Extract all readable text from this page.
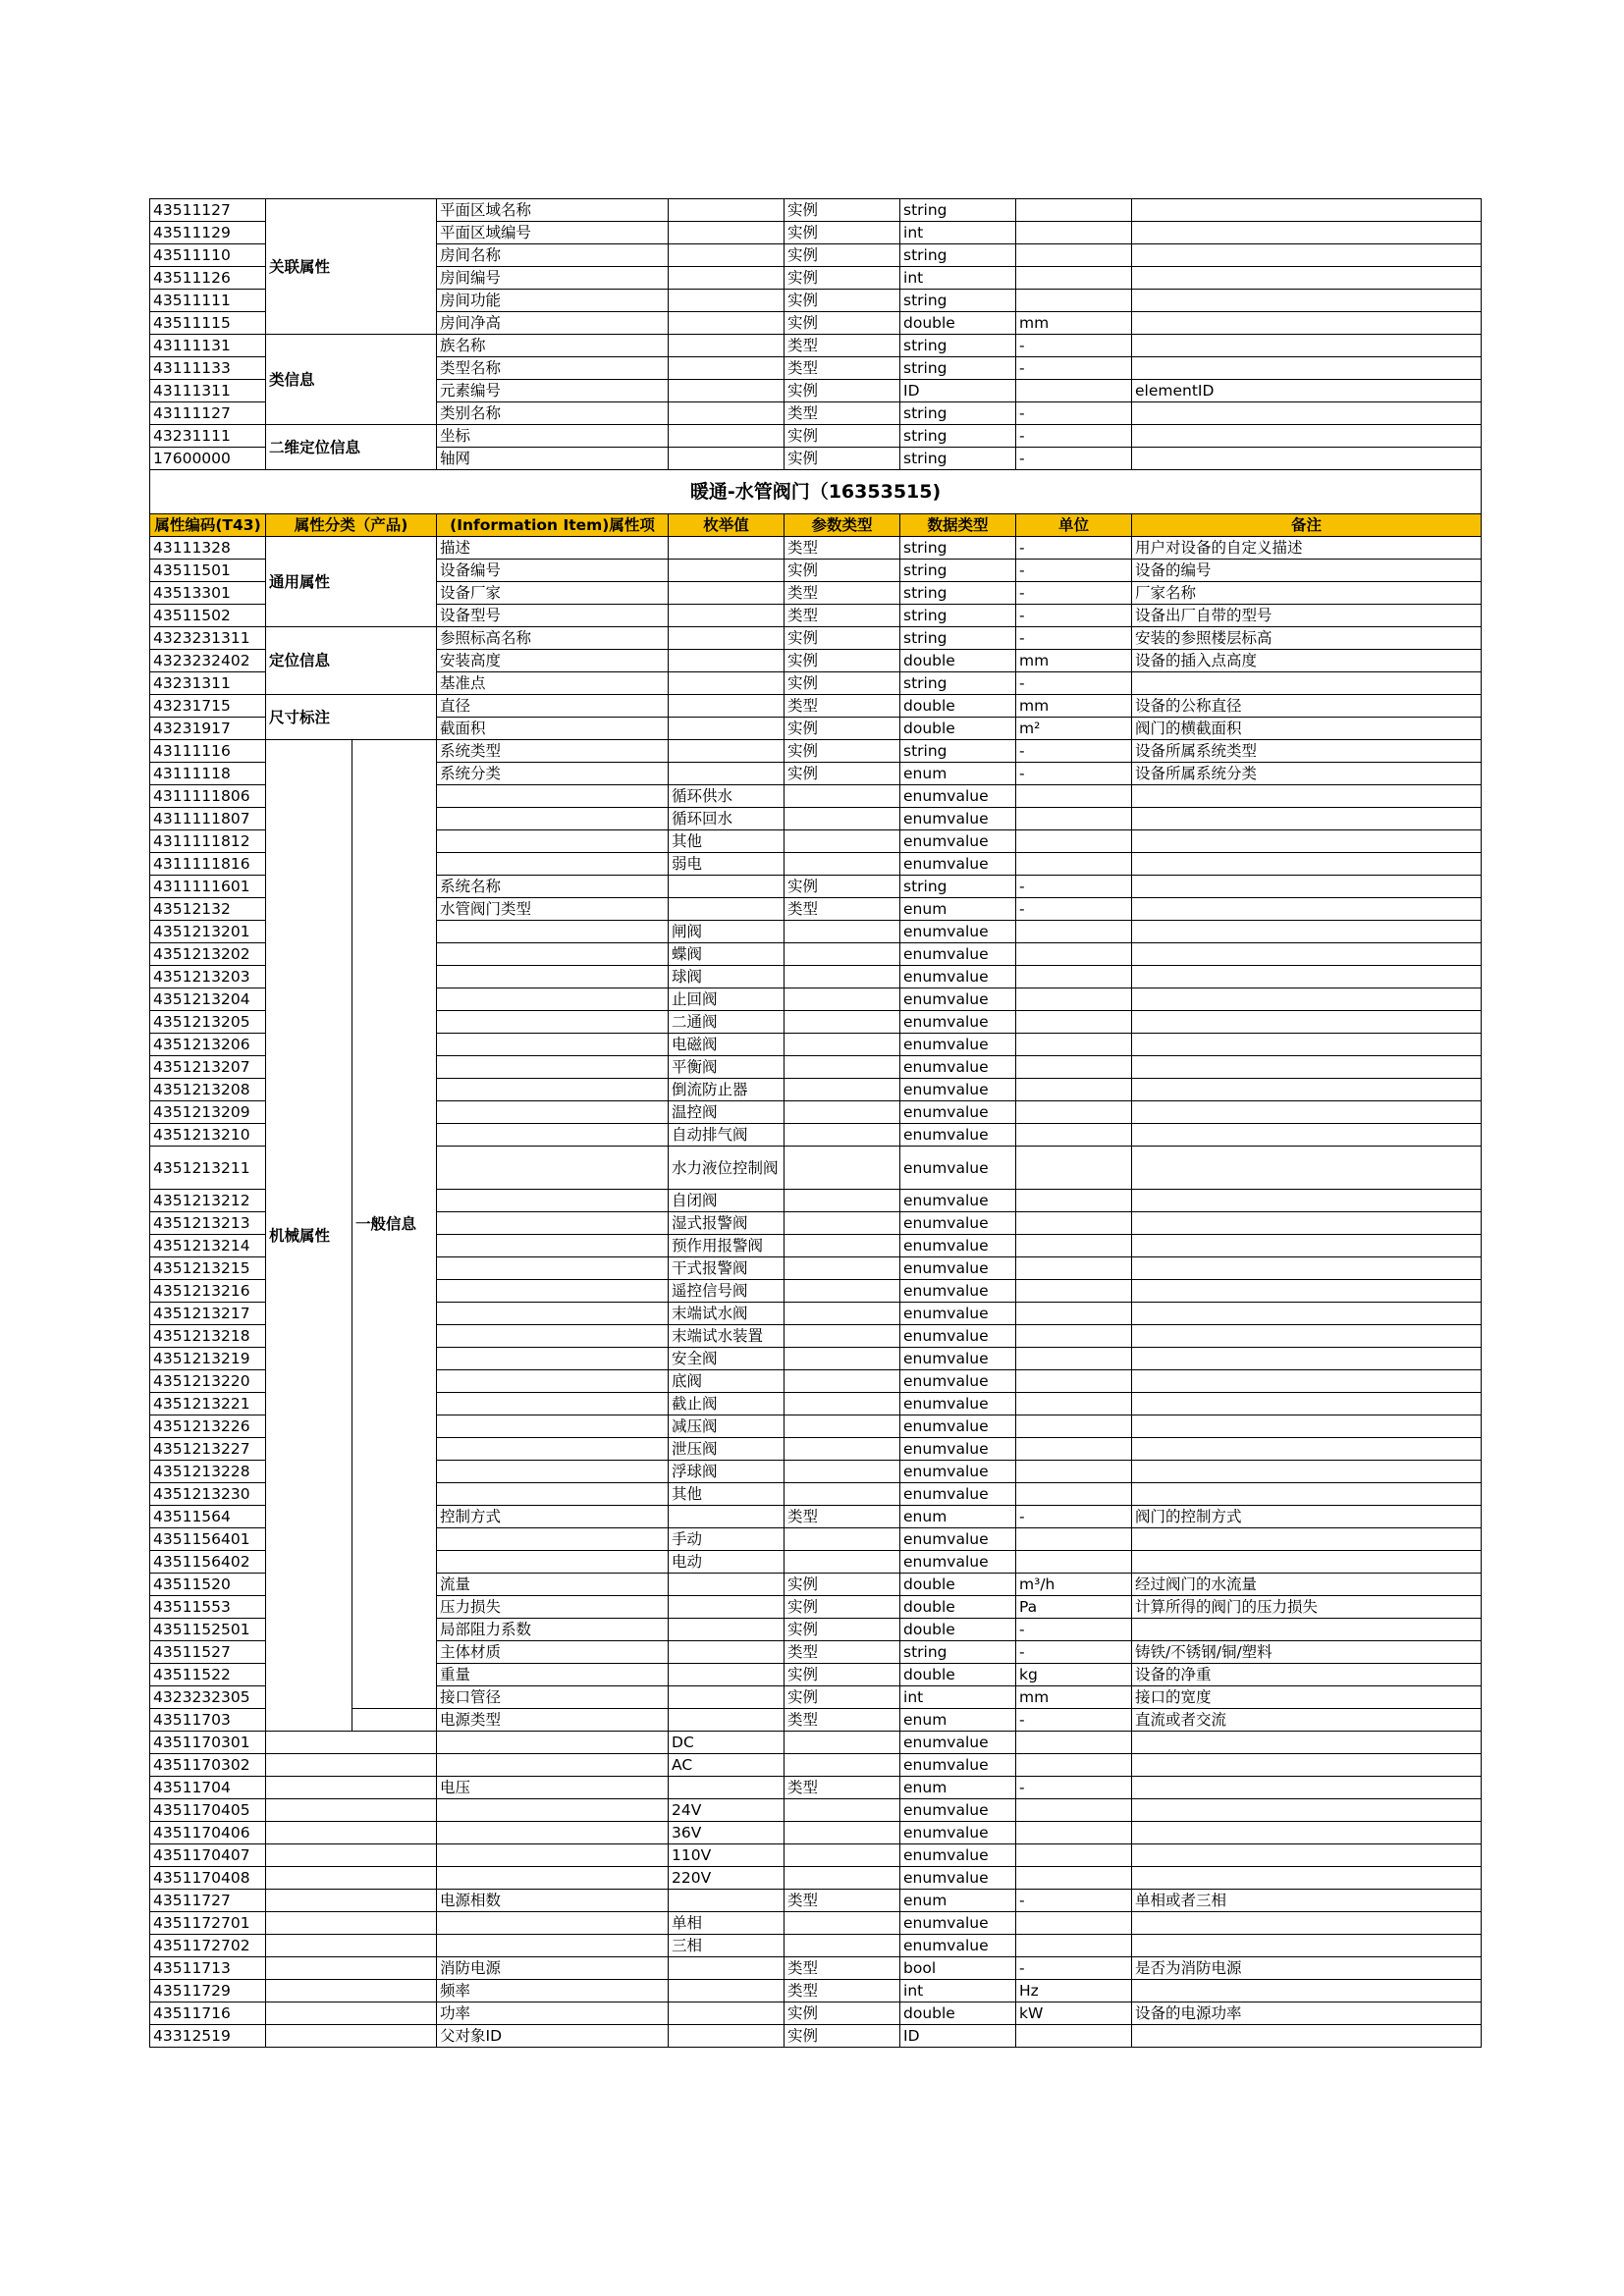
43511127	关联属性		平面区域名称		实例	string		
43511129			平面区域编号		实例	int		
43511110			房间名称		实例	string		
43511126			房间编号		实例	int		
43511111			房间功能		实例	string		
43511115			房间净高		实例	double	mm	
43111131	类信息		族名称		类型	string	-	
43111133			类型名称		类型	string	-	
43111311			元素编号		实例	ID		elementID
43111127			类别名称		类型	string	-	
43231111	二维定位信息		坐标		实例	string	-	
17600000			轴网		实例	string	-	
暖通-水管阀门（16353515)								
属性编码(T43)	属性分类（产品)		(Information Item)属性项	枚举值	参数类型	数据类型	单位	备注
43111328	通用属性		描述		类型	string	-	用户对设备的自定义描述
43511501			设备编号		实例	string	-	设备的编号
43513301			设备厂家		类型	string	-	厂家名称
43511502			设备型号		类型	string	-	设备出厂自带的型号
4323231311	定位信息		参照标高名称		实例	string	-	安装的参照楼层标高
4323232402			安装高度		实例	double	mm	设备的插入点高度
43231311			基准点		实例	string	-	
43231715	尺寸标注		直径		类型	double	mm	设备的公称直径
43231917			截面积		实例	double	m²	阀门的横截面积
43111116	机械属性	一般信息	系统类型		实例	string	-	设备所属系统类型
43111118			系统分类		实例	enum	-	设备所属系统分类
4311111806				循环供水		enumvalue		
4311111807				循环回水		enumvalue		
4311111812				其他		enumvalue		
4311111816				弱电		enumvalue		
4311111601			系统名称		实例	string	-	
43512132			水管阀门类型		类型	enum	-	
4351213201				闸阀		enumvalue		
4351213202				蝶阀		enumvalue		
4351213203				球阀		enumvalue		
4351213204				止回阀		enumvalue		
4351213205				二通阀		enumvalue		
4351213206				电磁阀		enumvalue		
4351213207				平衡阀		enumvalue		
4351213208				倒流防止器		enumvalue		
4351213209				温控阀		enumvalue		
4351213210				自动排气阀		enumvalue		
4351213211				水力液位控制阀		enumvalue		
4351213212				自闭阀		enumvalue		
4351213213				湿式报警阀		enumvalue		
4351213214				预作用报警阀		enumvalue		
4351213215				干式报警阀		enumvalue		
4351213216				遥控信号阀		enumvalue		
4351213217				末端试水阀		enumvalue		
4351213218				末端试水装置		enumvalue		
4351213219				安全阀		enumvalue		
4351213220				底阀		enumvalue		
4351213221				截止阀		enumvalue		
4351213226				减压阀		enumvalue		
4351213227				泄压阀		enumvalue		
4351213228				浮球阀		enumvalue		
4351213230				其他		enumvalue		
43511564			控制方式		类型	enum	-	阀门的控制方式
4351156401				手动		enumvalue		
4351156402				电动		enumvalue		
43511520			流量		实例	double	m³/h	经过阀门的水流量
43511553			压力损失		实例	double	Pa	计算所得的阀门的压力损失
4351152501			局部阻力系数		实例	double	-	
43511527			主体材质		类型	string	-	铸铁/不锈钢/铜/塑料
43511522			重量		实例	double	kg	设备的净重
4323232305			接口管径		实例	int	mm	接口的宽度
43511703			电源类型		类型	enum	-	直流或者交流
4351170301				DC		enumvalue		
4351170302				AC		enumvalue		
43511704			电压		类型	enum	-	
4351170405				24V		enumvalue		
4351170406				36V		enumvalue		
4351170407				110V		enumvalue		
4351170408				220V		enumvalue		
43511727			电源相数		类型	enum	-	单相或者三相
4351172701				单相		enumvalue		
4351172702				三相		enumvalue		
43511713			消防电源		类型	bool	-	是否为消防电源
43511729			频率		类型	int	Hz	
43511716			功率		实例	double	kW	设备的电源功率
43312519			父对象ID		实例	ID		
